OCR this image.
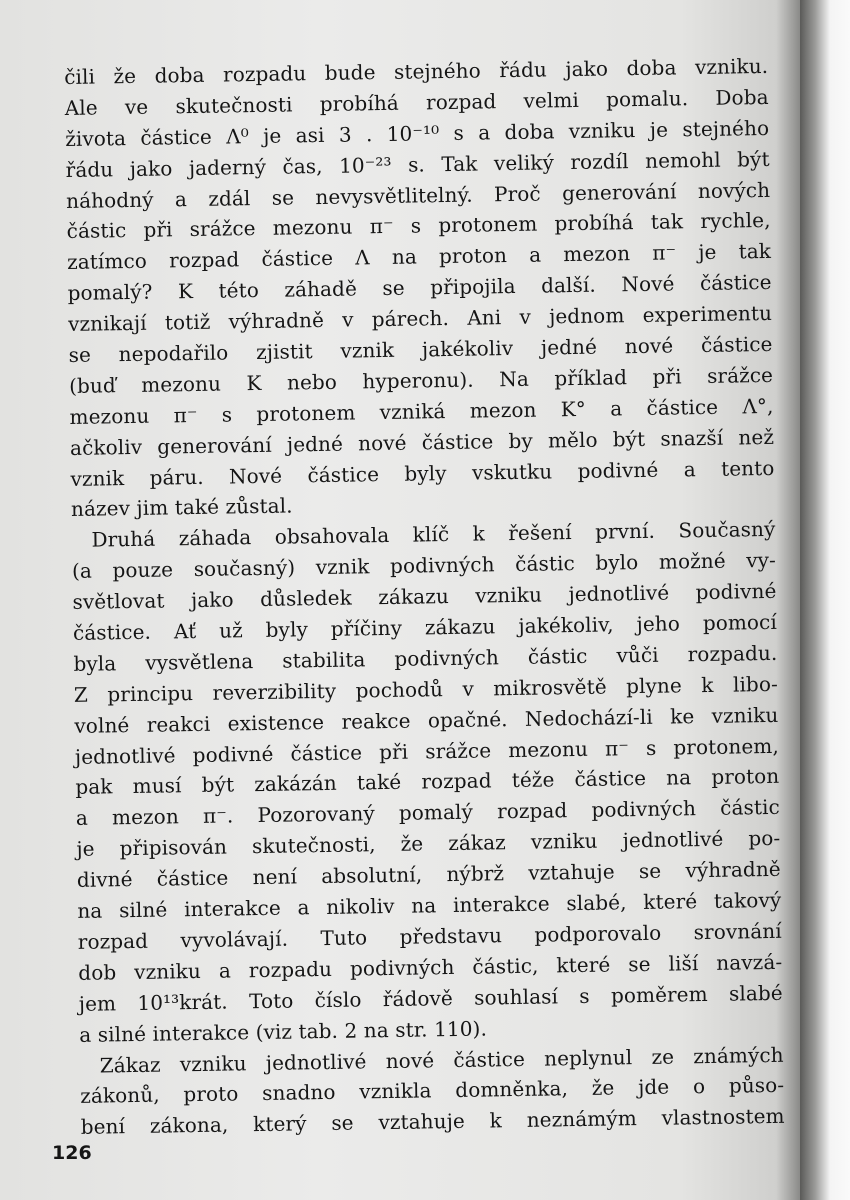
čili že doba rozpadu bude stejného řádu jako doba vzniku.
Ale ve skutečnosti probíhá rozpad velmi pomalu. Doba
života částice Λ⁰ je asi 3 . 10⁻¹⁰ s a doba vzniku je stejného
řádu jako jaderný čas, 10⁻²³ s. Tak veliký rozdíl nemohl být
náhodný a zdál se nevysvětlitelný. Proč generování nových
částic při srážce mezonu π⁻ s protonem probíhá tak rychle,
zatímco rozpad částice Λ na proton a mezon π⁻ je tak
pomalý? K této záhadě se připojila další. Nové částice
vznikají totiž výhradně v párech. Ani v jednom experimentu
se nepodařilo zjistit vznik jakékoliv jedné nové částice
(buď mezonu K nebo hyperonu). Na příklad při srážce
mezonu π⁻ s protonem vzniká mezon K° a částice Λ°,
ačkoliv generování jedné nové částice by mělo být snazší než
vznik páru. Nové částice byly vskutku podivné a tento
název jim také zůstal.
Druhá záhada obsahovala klíč k řešení první. Současný
(a pouze současný) vznik podivných částic bylo možné vy-
světlovat jako důsledek zákazu vzniku jednotlivé podivné
částice. Ať už byly příčiny zákazu jakékoliv, jeho pomocí
byla vysvětlena stabilita podivných částic vůči rozpadu.
Z principu reverzibility pochodů v mikrosvětě plyne k libo-
volné reakci existence reakce opačné. Nedochází-li ke vzniku
jednotlivé podivné částice při srážce mezonu π⁻ s protonem,
pak musí být zakázán také rozpad téže částice na proton
a mezon π⁻. Pozorovaný pomalý rozpad podivných částic
je připisován skutečnosti, že zákaz vzniku jednotlivé po-
divné částice není absolutní, nýbrž vztahuje se výhradně
na silné interakce a nikoliv na interakce slabé, které takový
rozpad vyvolávají. Tuto představu podporovalo srovnání
dob vzniku a rozpadu podivných částic, které se liší navzá-
jem 10¹³krát. Toto číslo řádově souhlasí s poměrem slabé
a silné interakce (viz tab. 2 na str. 110).
Zákaz vzniku jednotlivé nové částice neplynul ze známých
zákonů, proto snadno vznikla domněnka, že jde o půso-
bení zákona, který se vztahuje k neznámým vlastnostem
126
